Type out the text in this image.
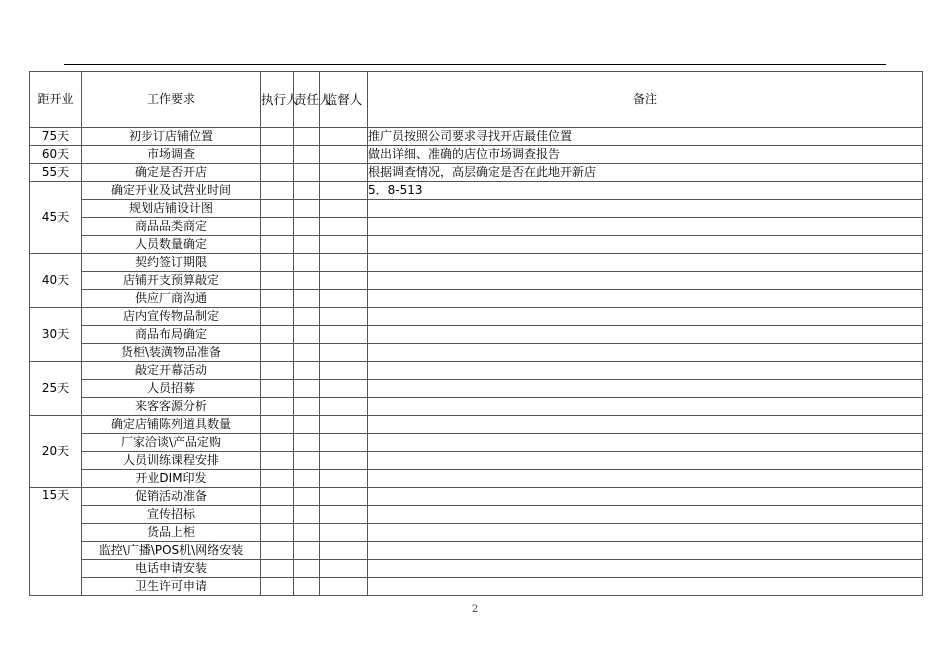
距开业	工作要求	执行人	责任人	监督人	备注
75天	初步订店铺位置				推广员按照公司要求寻找开店最佳位置
60天	市场调查				做出详细、准确的店位市场调查报告
55天	确定是否开店				根据调查情况，高层确定是否在此地开新店
45天	确定开业及试营业时间				5．8-513
	规划店铺设计图				
	商品品类商定				
	人员数量确定				
40天	契约签订期限				
	店铺开支预算敲定				
	供应厂商沟通				
30天	店内宣传物品制定				
	商品布局确定				
	货柜\装潢物品准备				
25天	敲定开幕活动				
	人员招募				
	来客客源分析				
20天	确定店铺陈列道具数量				
	厂家洽谈\产品定购				
	人员训练课程安排				
	开业DIM印发				
15天	促销活动准备				
	宣传招标				
	货品上柜				
	监控\广播\POS机\网络安装				
	电话申请安装				
	卫生许可申请				
2
